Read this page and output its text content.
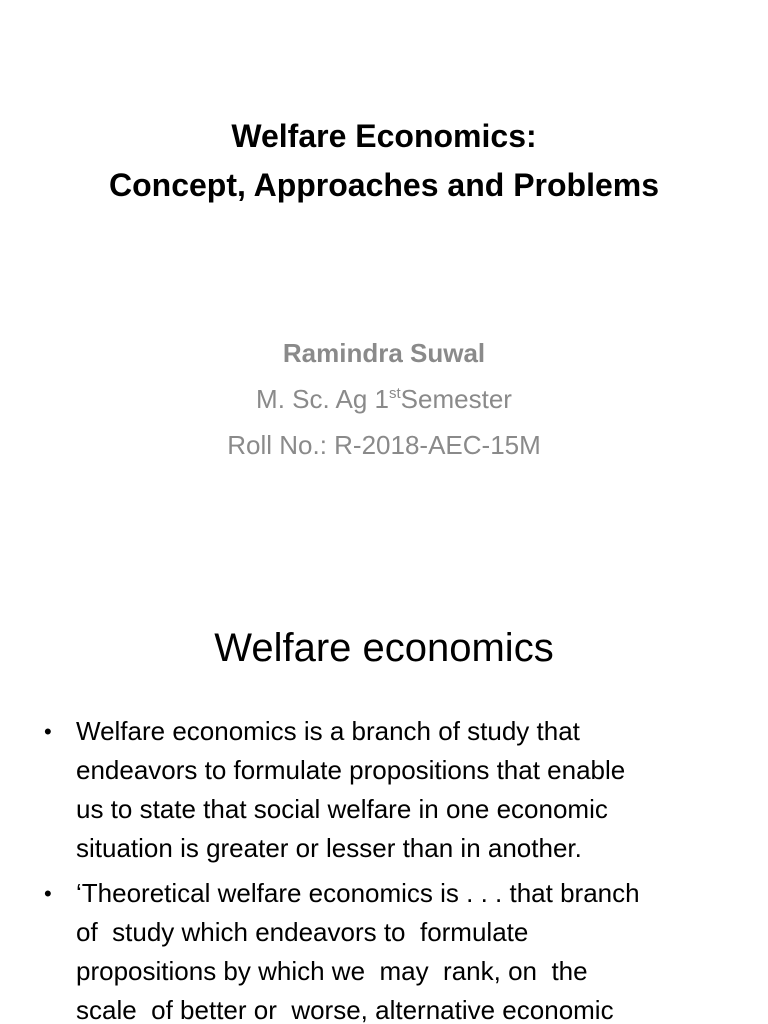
Welfare Economics:
Concept, Approaches and Problems
Ramindra Suwal
M. Sc. Ag 1stSemester
Roll No.: R-2018-AEC-15M
Welfare economics
• Welfare economics is a branch of study that
endeavors to formulate propositions that enable
us to state that social welfare in one economic
situation is greater or lesser than in another.
• ‘Theoretical welfare economics is . . . that branch
of  study which endeavors to  formulate
propositions by which we  may  rank, on  the
scale  of better or  worse, alternative economic
